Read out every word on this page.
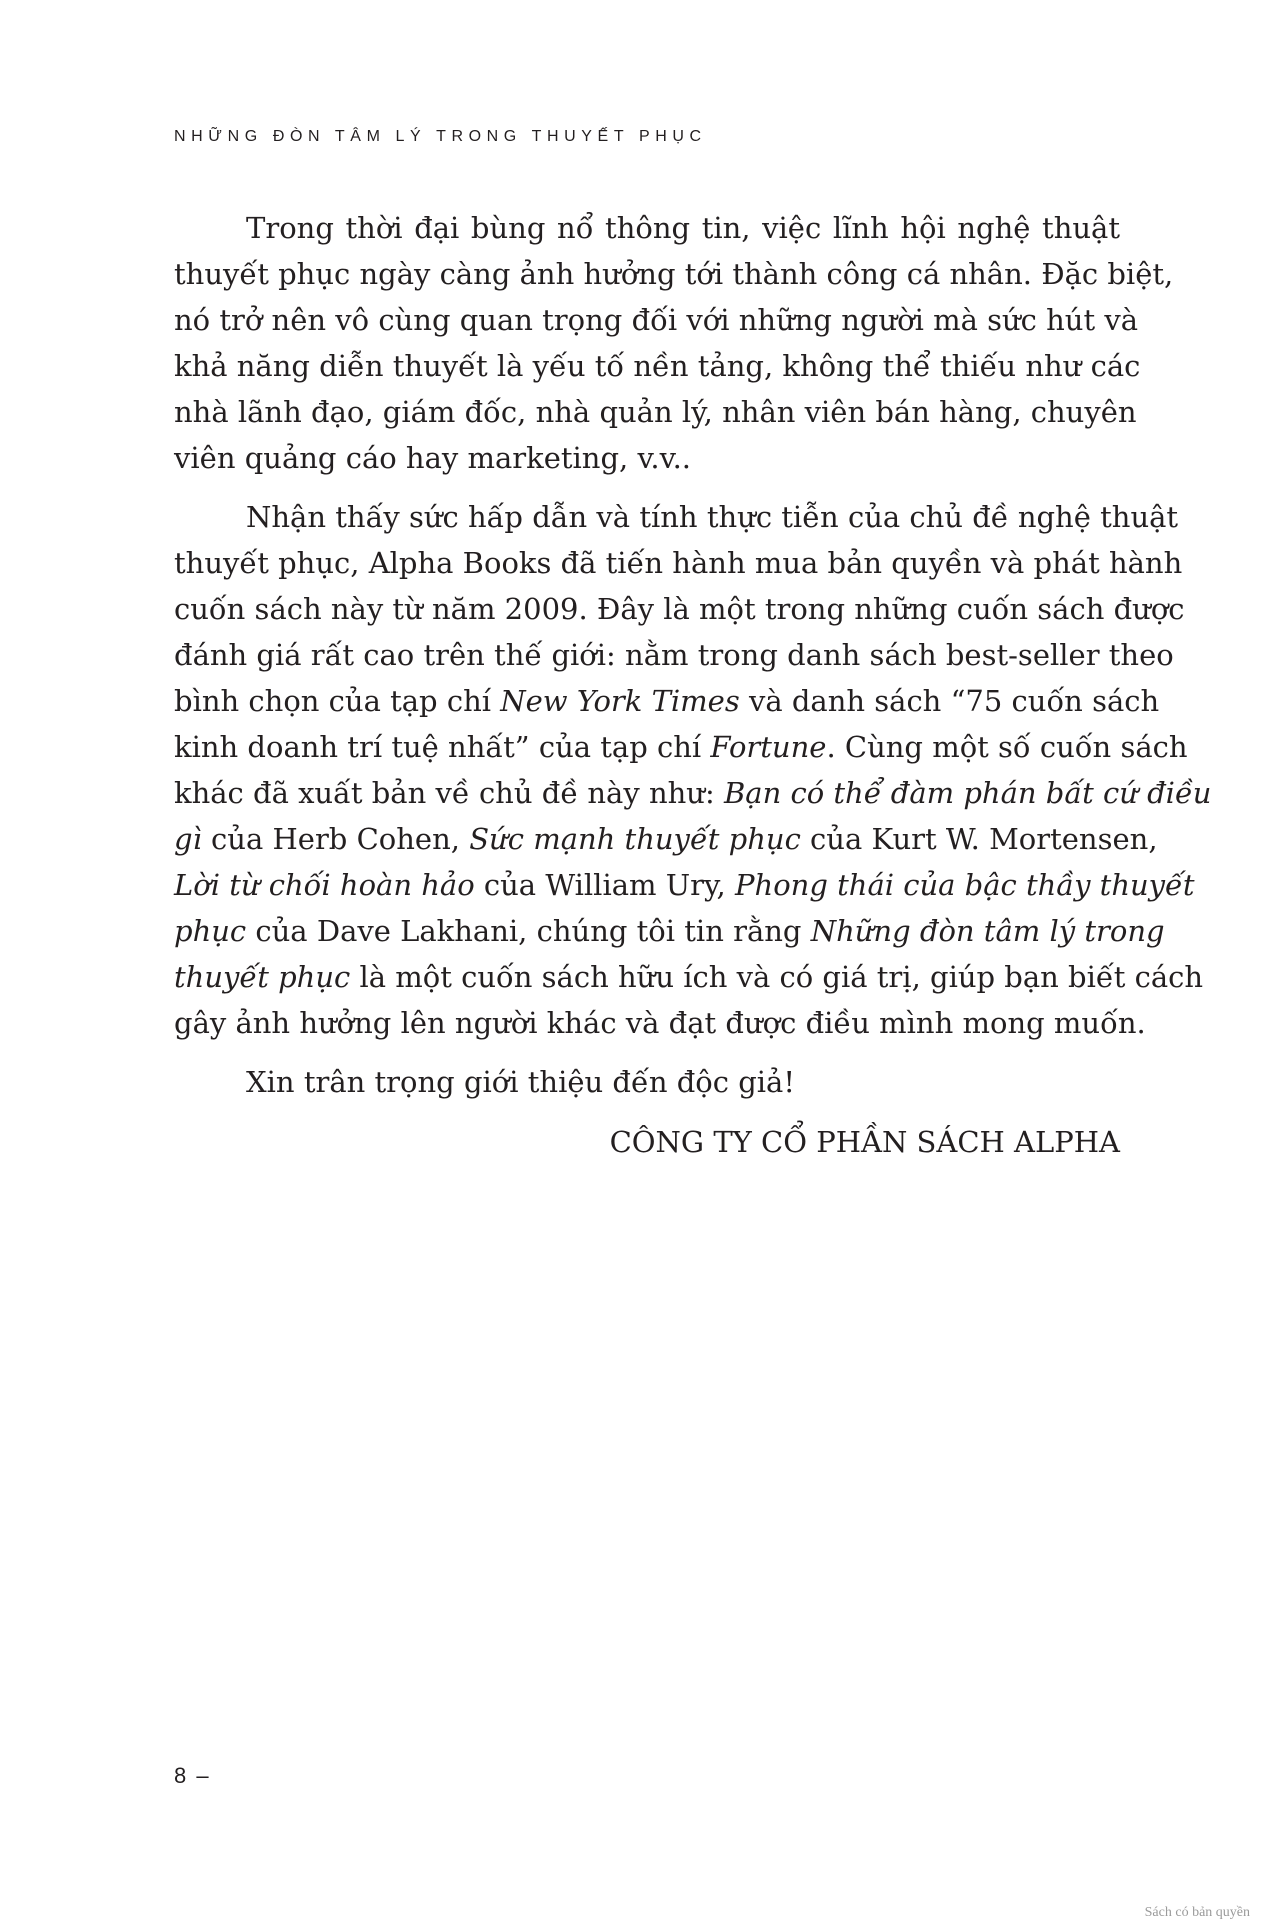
NHỮNG ĐÒN TÂM LÝ TRONG THUYẾT PHỤC
Trong thời đại bùng nổ thông tin, việc lĩnh hội nghệ thuật
thuyết phục ngày càng ảnh hưởng tới thành công cá nhân. Đặc biệt,
nó trở nên vô cùng quan trọng đối với những người mà sức hút và
khả năng diễn thuyết là yếu tố nền tảng, không thể thiếu như các
nhà lãnh đạo, giám đốc, nhà quản lý, nhân viên bán hàng, chuyên
viên quảng cáo hay marketing, v.v..
Nhận thấy sức hấp dẫn và tính thực tiễn của chủ đề nghệ thuật
thuyết phục, Alpha Books đã tiến hành mua bản quyền và phát hành
cuốn sách này từ năm 2009. Đây là một trong những cuốn sách được
đánh giá rất cao trên thế giới: nằm trong danh sách best-seller theo
bình chọn của tạp chí New York Times và danh sách “75 cuốn sách
kinh doanh trí tuệ nhất” của tạp chí Fortune. Cùng một số cuốn sách
khác đã xuất bản về chủ đề này như: Bạn có thể đàm phán bất cứ điều
gì của Herb Cohen, Sức mạnh thuyết phục của Kurt W. Mortensen,
Lời từ chối hoàn hảo của William Ury, Phong thái của bậc thầy thuyết
phục của Dave Lakhani, chúng tôi tin rằng Những đòn tâm lý trong
thuyết phục là một cuốn sách hữu ích và có giá trị, giúp bạn biết cách
gây ảnh hưởng lên người khác và đạt được điều mình mong muốn.
Xin trân trọng giới thiệu đến độc giả!
CÔNG TY CỔ PHẦN SÁCH ALPHA
8 –
Sách có bản quyền
